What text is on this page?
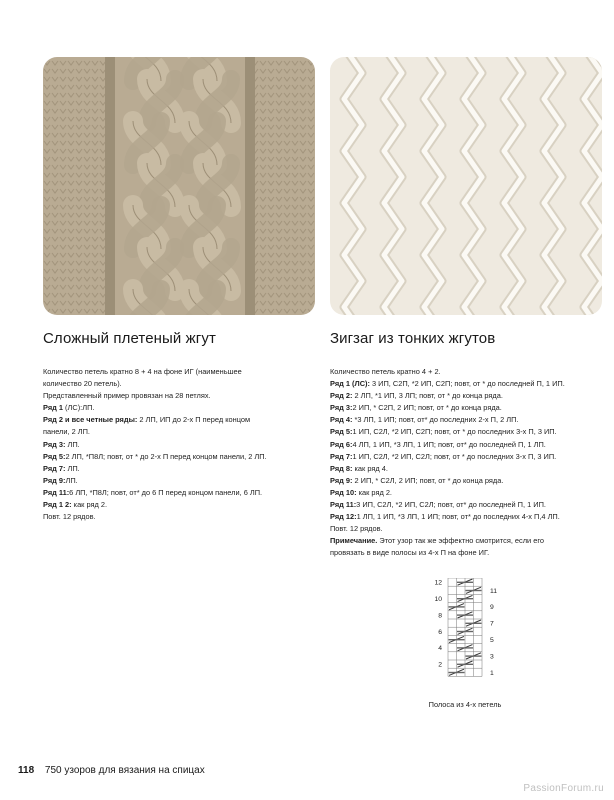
Сложный плетеный жгут	Зигзаг из тонких жгутов

Количество петель кратно 8 + 4 на фоне ИГ (наименьшее

количество 20 петель).

Представленный пример провязан на 28 петлях.

Ряд 1 (ЛС):ЛП.

Ряд 2 и все четные ряды: 2 ЛП, ИП до 2-х П перед концом

панели, 2 ЛП.

Ряд 3: ЛП.

Ряд 5:2 ЛП, *П8Л; повт, от * до 2-х П перед концом панели, 2 ЛП.

Ряд 7: ЛП.

Ряд 9:ЛП.

Ряд 11:6 ЛП, *П8Л; повт, от* до 6 П перед концом панели, 6 ЛП.

Ряд 1 2: как ряд 2.

Повт. 12 рядов.

Количество петель кратно 4 + 2.

Ряд 1 (ЛС): 3 ИП, С2П, *2 ИП, С2П; повт, от * до последней П, 1 ИП.

Ряд 2: 2 ЛП, *1 ИП, 3 ЛП; повт, от * до конца ряда.

Ряд 3:2 ИП, * С2П, 2 ИП; повт, от * до конца ряда.

Ряд 4: *3 ЛП, 1 ИП; повт, от* до последних 2-х П, 2 ЛП.

Ряд 5:1 ИП, С2Л, *2 ИП, С2П; повт, от * до последних 3-х П, 3 ИП.

Ряд 6:4 ЛП, 1 ИП, *3 ЛП, 1 ИП; повт, от* до последней П, 1 ЛП.

Ряд 7:1 ИП, С2Л, *2 ИП, С2Л; повт, от * до последних 3-х П, 3 ИП.

Ряд 8: как ряд 4.

Ряд 9: 2 ИП, * С2Л, 2 ИП; повт, от * до конца ряда.

Ряд 10: как ряд 2.

Ряд 11:3 ИП, С2Л, *2 ИП, С2Л; повт, от* до последней П, 1 ИП.

Ряд 12:1 ЛП, 1 ИП, *3 ЛП, 1 ИП; повт, от* до последних 4-х П,4 ЛП.

Повт. 12 рядов.

Примечание. Этот узор так же эффектно смотрится, если его

провязать в виде полосы из 4-х П на фоне ИГ.

12
10
8
6
4
2
11
9
7
5
3
1
Полоса из 4-х петель
118 750 узоров для вязания на спицах
PassionForum.ru
